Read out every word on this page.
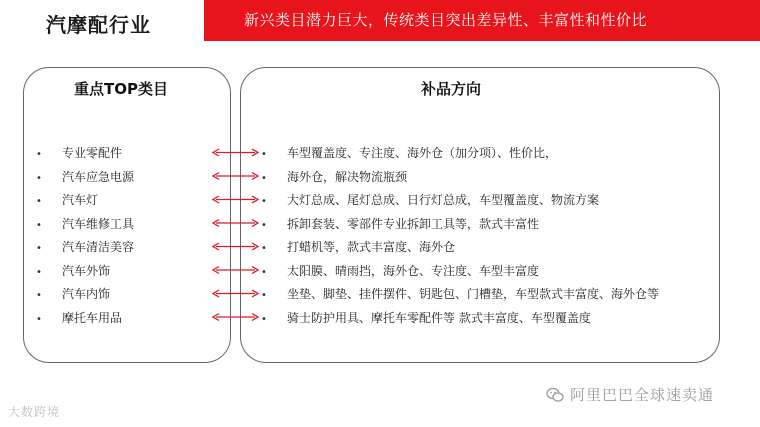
汽摩配行业	新兴类目潜力巨大，传统类目突出差异性、丰富性和性价比
重点TOP类目
• 专业零配件
• 汽车应急电源
• 汽车灯
• 汽车维修工具
• 汽车清洁美容
• 汽车外饰
• 汽车内饰
• 摩托车用品
补品方向
• 车型覆盖度、专注度、海外仓（加分项）、性价比，
• 海外仓，解决物流瓶颈
• 大灯总成、尾灯总成、日行灯总成，车型覆盖度、物流方案
• 拆卸套装、零部件专业拆卸工具等，款式丰富性
• 打蜡机等，款式丰富度、海外仓
• 太阳膜、晴雨挡，海外仓、专注度、车型丰富度
• 坐垫、脚垫、挂件摆件、钥匙包、门槽垫，车型款式丰富度、海外仓等
• 骑士防护用具、摩托车零配件等 款式丰富度、车型覆盖度
大数跨境
阿里巴巴全球速卖通
